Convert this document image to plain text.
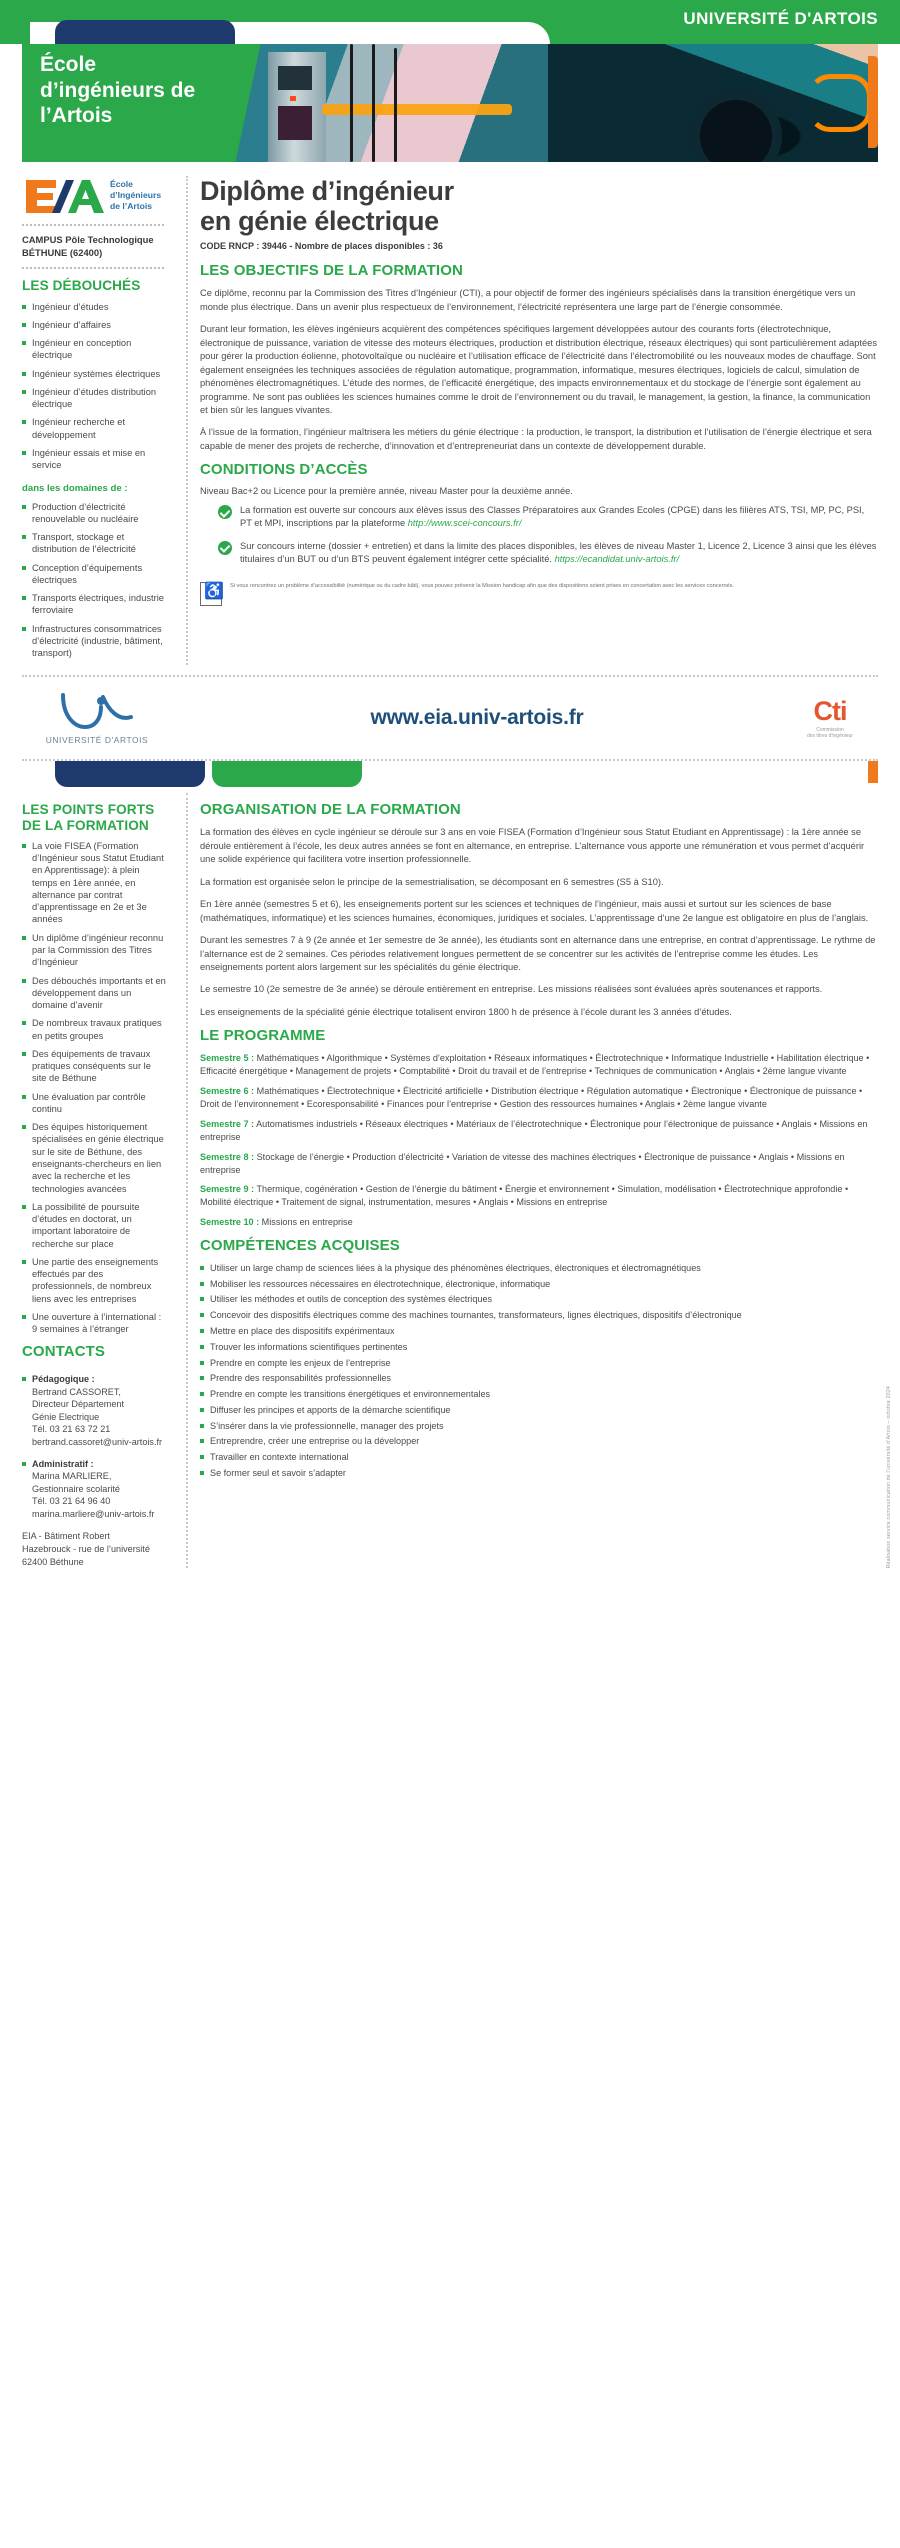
UNIVERSITÉ D'ARTOIS
École d’ingénieurs de l’Artois
École
d’Ingénieurs
de l’Artois
CAMPUS Pôle Technologique
BÉTHUNE (62400)
LES DÉBOUCHÉS
Ingénieur d’études
Ingénieur d’affaires
Ingénieur en conception électrique
Ingénieur systèmes électriques
Ingénieur d’études distribution électrique
Ingénieur recherche et développement
Ingénieur essais et mise en service
dans les domaines de :
Production d’électricité renouvelable ou nucléaire
Transport, stockage et distribution de l’électricité
Conception d’équipements électriques
Transports électriques, industrie ferroviaire
Infrastructures consommatrices d’électricité (industrie, bâtiment, transport)
Diplôme d’ingénieur
en génie électrique
CODE RNCP : 39446 - Nombre de places disponibles : 36
LES OBJECTIFS DE LA FORMATION

Ce diplôme, reconnu par la Commission des Titres d’Ingénieur (CTI), a pour objectif de former des ingénieurs spécialisés dans la transition énergétique vers un monde plus électrique. Dans un avenir plus respectueux de l’environnement, l’électricité représentera une large part de l’énergie consommée.

Durant leur formation, les élèves ingénieurs acquièrent des compétences spécifiques largement développées autour des courants forts (électrotechnique, électronique de puissance, variation de vitesse des moteurs électriques, production et distribution électrique, réseaux électriques) qui sont particulièrement adaptées pour gérer la production éolienne, photovoltaïque ou nucléaire et l’utilisation efficace de l’électricité dans l’électromobilité ou les nouveaux modes de chauffage. Sont également enseignées les techniques associées de régulation automatique, programmation, informatique, mesures électriques, logiciels de calcul, simulation de phénomènes électromagnétiques. L’étude des normes, de l’efficacité énergétique, des impacts environnementaux et du stockage de l’énergie sont également au programme. Ne sont pas oubliées les sciences humaines comme le droit de l’environnement ou du travail, le management, la gestion, la finance, la communication et bien sûr les langues vivantes.

À l’issue de la formation, l’ingénieur maîtrisera les métiers du génie électrique : la production, le transport, la distribution et l’utilisation de l’énergie électrique et sera capable de mener des projets de recherche, d’innovation et d’entrepreneuriat dans un contexte de développement durable.

CONDITIONS D’ACCÈS
Niveau Bac+2 ou Licence pour la première année, niveau Master pour la deuxième année.
La formation est ouverte sur concours aux élèves issus des Classes Préparatoires aux Grandes Ecoles (CPGE) dans les filières ATS, TSI, MP, PC, PSI, PT et MPI, inscriptions par la plateforme http://www.scei-concours.fr/
Sur concours interne (dossier + entretien) et dans la limite des places disponibles, les élèves de niveau Master 1, Licence 2, Licence 3 ainsi que les élèves titulaires d’un BUT ou d’un BTS peuvent également intégrer cette spécialité. https://ecandidat.univ-artois.fr/
♿

Si vous rencontrez un problème d’accessibilité (numérique ou du cadre bâti), vous pouvez prévenir la Mission handicap afin que des dispositions soient prises en concertation avec les services concernés.

UNIVERSITÉ D'ARTOIS
www.eia.univ-artois.fr	Cti
Commission
des titres d'ingénieur
LES POINTS FORTS
DE LA FORMATION
La voie FISEA (Formation d’Ingénieur sous Statut Etudiant en Apprentissage): à plein temps en 1ère année, en alternance par contrat d’apprentissage en 2e et 3e années
Un diplôme d’ingénieur reconnu par la Commission des Titres d’Ingénieur
Des débouchés importants et en développement dans un domaine d’avenir
De nombreux travaux pratiques en petits groupes
Des équipements de travaux pratiques conséquents sur le site de Béthune
Une évaluation par contrôle continu
Des équipes historiquement spécialisées en génie électrique sur le site de Béthune, des enseignants-chercheurs en lien avec la recherche et les technologies avancées
La possibilité de poursuite d’études en doctorat, un important laboratoire de recherche sur place
Une partie des enseignements effectués par des professionnels, de nombreux liens avec les entreprises
Une ouverture à l’international : 9 semaines à l’étranger
CONTACTS
Pédagogique :
Bertrand CASSORET,
Directeur Département
Génie Electrique
Tél. 03 21 63 72 21
bertrand.cassoret@univ-artois.fr
Administratif :
Marina MARLIERE,
Gestionnaire scolarité
Tél. 03 21 64 96 40
marina.marliere@univ-artois.fr
EIA - Bâtiment Robert
Hazebrouck - rue de l’université
62400 Béthune
ORGANISATION DE LA FORMATION

La formation des élèves en cycle ingénieur se déroule sur 3 ans en voie FISEA (Formation d’Ingénieur sous Statut Etudiant en Apprentissage) : la 1ère année se déroule entièrement à l’école, les deux autres années se font en alternance, en entreprise. L’alternance vous apporte une rémunération et vous permet d’acquérir une solide expérience qui facilitera votre insertion professionnelle.

La formation est organisée selon le principe de la semestrialisation, se décomposant en 6 semestres (S5 à S10).

En 1ère année (semestres 5 et 6), les enseignements portent sur les sciences et techniques de l’ingénieur, mais aussi et surtout sur les sciences de base (mathématiques, informatique) et les sciences humaines, économiques, juridiques et sociales. L’apprentissage d’une 2e langue est obligatoire en plus de l’anglais.

Durant les semestres 7 à 9 (2e année et 1er semestre de 3e année), les étudiants sont en alternance dans une entreprise, en contrat d’apprentissage. Le rythme de l’alternance est de 2 semaines. Ces périodes relativement longues permettent de se concentrer sur les activités de l’entreprise comme les études. Les enseignements portent alors largement sur les spécialités du génie électrique.

Le semestre 10 (2e semestre de 3e année) se déroule entièrement en entreprise. Les missions réalisées sont évaluées après soutenances et rapports.

Les enseignements de la spécialité génie électrique totalisent environ 1800 h de présence à l’école durant les 3 années d’études.

LE PROGRAMME
Semestre 5 : Mathématiques • Algorithmique • Systèmes d’exploitation • Réseaux informatiques • Électrotechnique • Informatique Industrielle • Habilitation électrique • Efficacité énergétique • Management de projets • Comptabilité • Droit du travail et de l’entreprise • Techniques de communication • Anglais • 2ème langue vivante
Semestre 6 : Mathématiques • Électrotechnique • Électricité artificielle • Distribution électrique • Régulation automatique • Électronique • Électronique de puissance • Droit de l’environnement • Ecoresponsabilité • Finances pour l’entreprise • Gestion des ressources humaines • Anglais • 2ème langue vivante
Semestre 7 : Automatismes industriels • Réseaux électriques • Matériaux de l’électrotechnique • Électronique pour l’électronique de puissance • Anglais • Missions en entreprise
Semestre 8 : Stockage de l’énergie • Production d’électricité • Variation de vitesse des machines électriques • Électronique de puissance • Anglais • Missions en entreprise
Semestre 9 : Thermique, cogénération • Gestion de l’énergie du bâtiment • Énergie et environnement • Simulation, modélisation • Électrotechnique approfondie • Mobilité électrique • Traitement de signal, instrumentation, mesures • Anglais • Missions en entreprise
Semestre 10 : Missions en entreprise
COMPÉTENCES ACQUISES
Utiliser un large champ de sciences liées à la physique des phénomènes électriques, électroniques et électromagnétiques
Mobiliser les ressources nécessaires en électrotechnique, électronique, informatique
Utiliser les méthodes et outils de conception des systèmes électriques
Concevoir des dispositifs électriques comme des machines tournantes, transformateurs, lignes électriques, dispositifs d’électronique
Mettre en place des dispositifs expérimentaux
Trouver les informations scientifiques pertinentes
Prendre en compte les enjeux de l’entreprise
Prendre des responsabilités professionnelles
Prendre en compte les transitions énergétiques et environnementales
Diffuser les principes et apports de la démarche scientifique
S’insérer dans la vie professionnelle, manager des projets
Entreprendre, créer une entreprise ou la développer
Travailler en contexte international
Se former seul et savoir s’adapter	Réalisation service communication de l’université d’Artois – octobre 2024
